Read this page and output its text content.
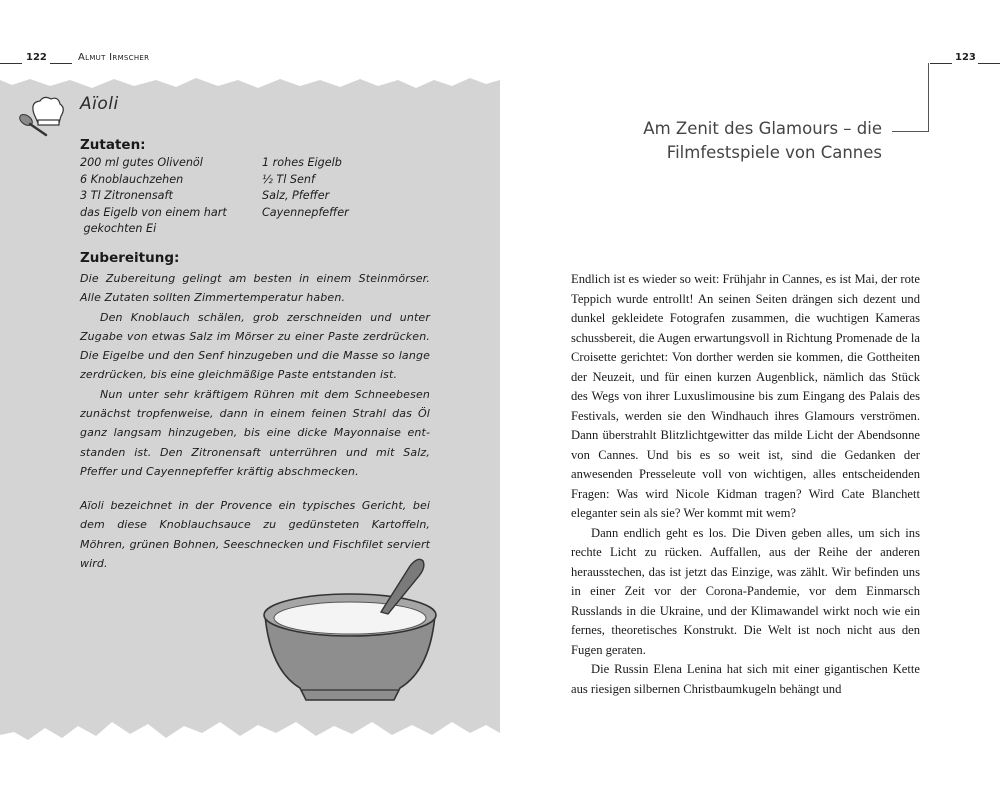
122	Almut Irmscher
Aïoli
Zutaten:
200 ml gutes Olivenöl
6 Knoblauchzehen
3 Tl Zitronensaft
das Eigelb von einem hart
gekochten Ei
1 rohes Eigelb
½ Tl Senf
Salz, Pfeffer
Cayennepfeffer
Zubereitung:

Die Zubereitung gelingt am besten in einem Steinmörser. Alle Zutaten sollten Zimmertemperatur haben.

Den Knoblauch schälen, grob zerschneiden und unter Zugabe von etwas Salz im Mörser zu einer Paste zerdrücken. Die Eigelbe und den Senf hinzugeben und die Masse so lange zerdrücken, bis eine gleichmäßige Paste entstanden ist.

Nun unter sehr kräftigem Rühren mit dem Schneebesen zunächst tropfenweise, dann in einem feinen Strahl das Öl ganz langsam hinzugeben, bis eine dicke Mayonnaise entstanden ist. Den Zitronensaft unterrühren und mit Salz, Pfeffer und Cayennepfeffer kräftig abschmecken.

Aïoli bezeichnet in der Provence ein typisches Gericht, bei dem diese Knoblauchsauce zu gedünsteten Kartoffeln, Möhren, grünen Bohnen, Seeschnecken und Fischfilet serviert wird.
123
Am Zenit des Glamours – die
Filmfestspiele von Cannes

Endlich ist es wieder so weit: Frühjahr in Cannes, es ist Mai, der rote Teppich wurde entrollt! An seinen Seiten drängen sich dezent und dunkel gekleidete Fotografen zusammen, die wuchtigen Kameras schussbereit, die Augen erwartungsvoll in Richtung Promenade de la Croisette gerichtet: Von dorther werden sie kommen, die Gottheiten der Neuzeit, und für einen kurzen Augenblick, nämlich das Stück des Wegs von ihrer Luxuslimousine bis zum Eingang des Palais des Festivals, werden sie den Windhauch ihres Glamours verströmen. Dann überstrahlt Blitzlichtgewitter das milde Licht der Abendsonne von Cannes. Und bis es so weit ist, sind die Gedanken der anwesenden Presseleute voll von wichtigen, alles entscheidenden Fragen: Was wird Nicole Kidman tragen? Wird Cate Blanchett eleganter sein als sie? Wer kommt mit wem?

Dann endlich geht es los. Die Diven geben alles, um sich ins rechte Licht zu rücken. Auffallen, aus der Reihe der anderen herausstechen, das ist jetzt das Einzige, was zählt. Wir befinden uns in einer Zeit vor der Corona-Pandemie, vor dem Einmarsch Russlands in die Ukraine, und der Klimawandel wirkt noch wie ein fernes, theoretisches Konstrukt. Die Welt ist noch nicht aus den Fugen geraten.

Die Russin Elena Lenina hat sich mit einer gigantischen Kette aus riesigen silbernen Christbaumkugeln behängt und
